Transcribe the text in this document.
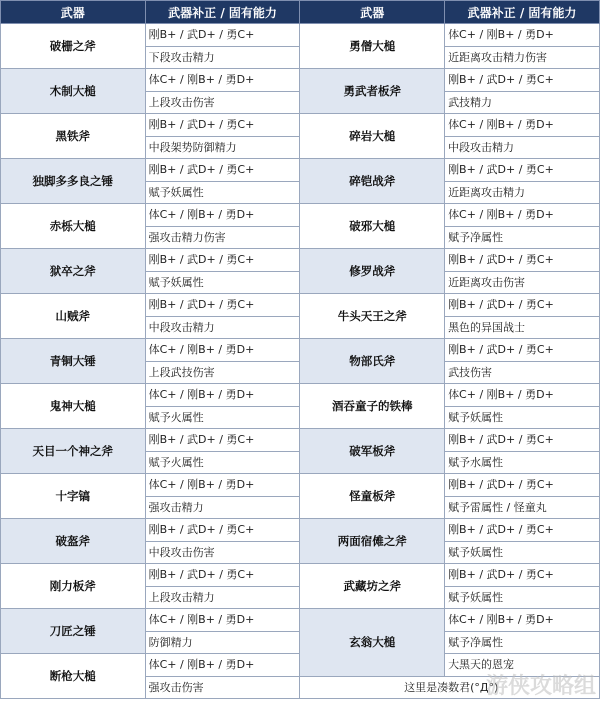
武器	武器补正 / 固有能力	武器	武器补正 / 固有能力
破栅之斧	刚B+ / 武D+ / 勇C+	勇僧大槌	体C+ / 刚B+ / 勇D+
	下段攻击精力		近距离攻击精力伤害
木制大槌	体C+ / 刚B+ / 勇D+	勇武者板斧	刚B+ / 武D+ / 勇C+
	上段攻击伤害		武技精力
黑铁斧	刚B+ / 武D+ / 勇C+	碎岩大槌	体C+ / 刚B+ / 勇D+
	中段架势防御精力		中段攻击精力
独脚多多良之锤	刚B+ / 武D+ / 勇C+	碎铠战斧	刚B+ / 武D+ / 勇C+
	赋予妖属性		近距离攻击精力
赤栎大槌	体C+ / 刚B+ / 勇D+	破邪大槌	体C+ / 刚B+ / 勇D+
	强攻击精力伤害		赋予净属性
狱卒之斧	刚B+ / 武D+ / 勇C+	修罗战斧	刚B+ / 武D+ / 勇C+
	赋予妖属性		近距离攻击伤害
山贼斧	刚B+ / 武D+ / 勇C+	牛头天王之斧	刚B+ / 武D+ / 勇C+
	中段攻击精力		黑色的异国战士
青铜大锤	体C+ / 刚B+ / 勇D+	物部氏斧	刚B+ / 武D+ / 勇C+
	上段武技伤害		武技伤害
鬼神大槌	体C+ / 刚B+ / 勇D+	酒吞童子的铁棒	体C+ / 刚B+ / 勇D+
	赋予火属性		赋予妖属性
天目一个神之斧	刚B+ / 武D+ / 勇C+	破军板斧	刚B+ / 武D+ / 勇C+
	赋予火属性		赋予水属性
十字镐	体C+ / 刚B+ / 勇D+	怪童板斧	刚B+ / 武D+ / 勇C+
	强攻击精力		赋予雷属性 / 怪童丸
破盔斧	刚B+ / 武D+ / 勇C+	两面宿傩之斧	刚B+ / 武D+ / 勇C+
	中段攻击伤害		赋予妖属性
刚力板斧	刚B+ / 武D+ / 勇C+	武藏坊之斧	刚B+ / 武D+ / 勇C+
	上段攻击精力		赋予妖属性
刀匠之锤	体C+ / 刚B+ / 勇D+	玄翁大槌	体C+ / 刚B+ / 勇D+
	防御精力		赋予净属性
断枪大槌	体C+ / 刚B+ / 勇D+		大黑天的恩宠
	强攻击伤害	这里是凑数君(°Д°)	
游侠攻略组
